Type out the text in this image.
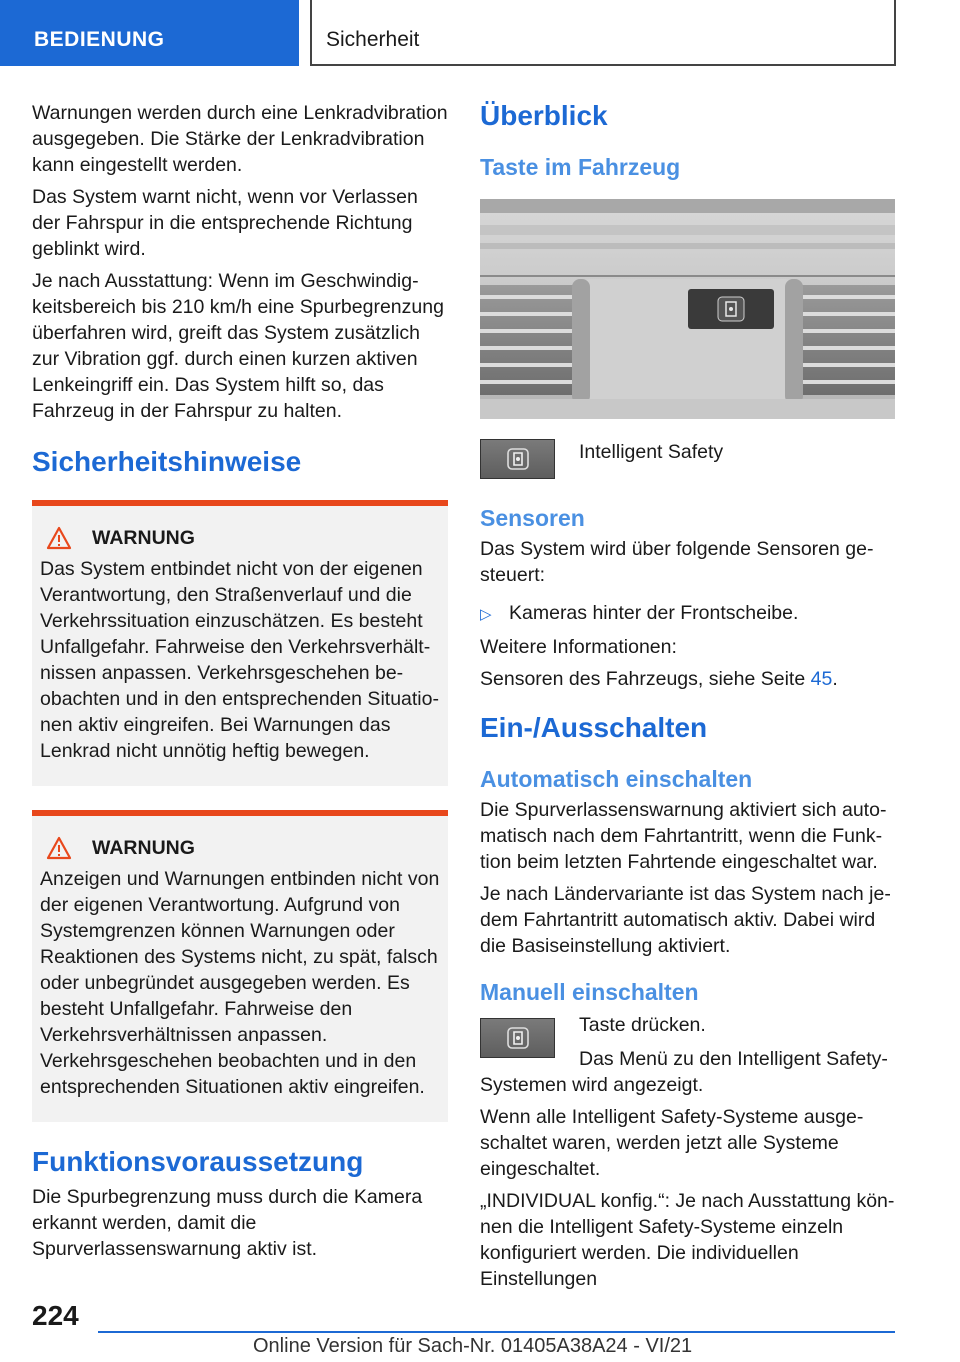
BEDIENUNG	Sicherheit

Warnungen werden durch eine Lenkradvibration ausgegeben. Die Stärke der Lenkradvibration kann eingestellt werden.

Das System warnt nicht, wenn vor Verlassen der Fahrspur in die entsprechende Richtung geblinkt wird.

Je nach Ausstattung: Wenn im Geschwindigkeitsbereich bis 210 km/h eine Spurbegrenzung überfahren wird, greift das System zusätzlich zur Vibration ggf. durch einen kurzen aktiven Lenkeingriff ein. Das System hilft so, das Fahrzeug in der Fahrspur zu halten.

Sicherheitshinweise
WARNUNG

Das System entbindet nicht von der eigenen Verantwortung, den Straßenverlauf und die Verkehrssituation einzuschätzen. Es besteht Unfallgefahr. Fahrweise den Verkehrsverhältnissen anpassen. Verkehrsgeschehen beobachten und in den entsprechenden Situationen aktiv eingreifen. Bei Warnungen das Lenkrad nicht unnötig heftig bewegen.

WARNUNG

Anzeigen und Warnungen entbinden nicht von der eigenen Verantwortung. Aufgrund von Systemgrenzen können Warnungen oder Reaktionen des Systems nicht, zu spät, falsch oder unbegründet ausgegeben werden. Es besteht Unfallgefahr. Fahrweise den Verkehrsverhältnissen anpassen. Verkehrsgeschehen beobachten und in den entsprechenden Situationen aktiv eingreifen.

Funktionsvoraussetzung

Die Spurbegrenzung muss durch die Kamera erkannt werden, damit die Spurverlassenswarnung aktiv ist.

Überblick
Taste im Fahrzeug

Intelligent Safety

Sensoren

Das System wird über folgende Sensoren gesteuert:

▷ Kameras hinter der Frontscheibe.

Weitere Informationen:

Sensoren des Fahrzeugs, siehe Seite 45.

Ein-/Ausschalten
Automatisch einschalten

Die Spurverlassenswarnung aktiviert sich automatisch nach dem Fahrtantritt, wenn die Funktion beim letzten Fahrtende eingeschaltet war.

Je nach Ländervariante ist das System nach jedem Fahrtantritt automatisch aktiv. Dabei wird die Basiseinstellung aktiviert.

Manuell einschalten

Taste drücken.

Das Menü zu den Intelligent Safety-Systemen wird angezeigt.

Wenn alle Intelligent Safety-Systeme ausgeschaltet waren, werden jetzt alle Systeme eingeschaltet.

„INDIVIDUAL konfig.“: Je nach Ausstattung können die Intelligent Safety-Systeme einzeln konfiguriert werden. Die individuellen Einstellungen

224
Online Version für Sach-Nr. 01405A38A24 - VI/21
